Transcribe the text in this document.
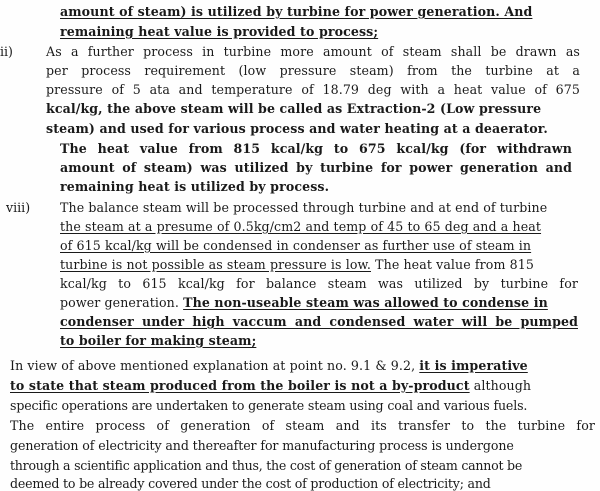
amount of steam) is utilized by turbine for power generation. And

remaining heat value is provided to process;

ii)	As a further process in turbine more amount of steam shall be drawn as

per process requirement (low pressure steam) from the turbine at a

pressure of 5 ata and temperature of 18.79 deg with a heat value of 675

kcal/kg, the above steam will be called as Extraction-2 (Low pressure

steam) and used for various process and water heating at a deaerator.

The heat value from 815 kcal/kg to 675 kcal/kg (for withdrawn

amount of steam) was utilized by turbine for power generation and

remaining heat is utilized by process.

viii) The balance steam will be processed through turbine and at end of turbine

the steam at a presume of 0.5kg/cm2 and temp of 45 to 65 deg and a heat

of 615 kcal/kg will be condensed in condenser as further use of steam in

turbine is not possible as steam pressure is low. The heat value from 815

kcal/kg to 615 kcal/kg for balance steam was utilized by turbine for

power generation. The non-useable steam was allowed to condense in

condenser under high vaccum and condensed water will be pumped

to boiler for making steam;

In view of above mentioned explanation at point no. 9.1 & 9.2, it is imperative

to state that steam produced from the boiler is not a by-product although

specific operations are undertaken to generate steam using coal and various fuels.

The entire process of generation of steam and its transfer to the turbine for

generation of electricity and thereafter for manufacturing process is undergone

through a scientific application and thus, the cost of generation of steam cannot be

deemed to be already covered under the cost of production of electricity; and
